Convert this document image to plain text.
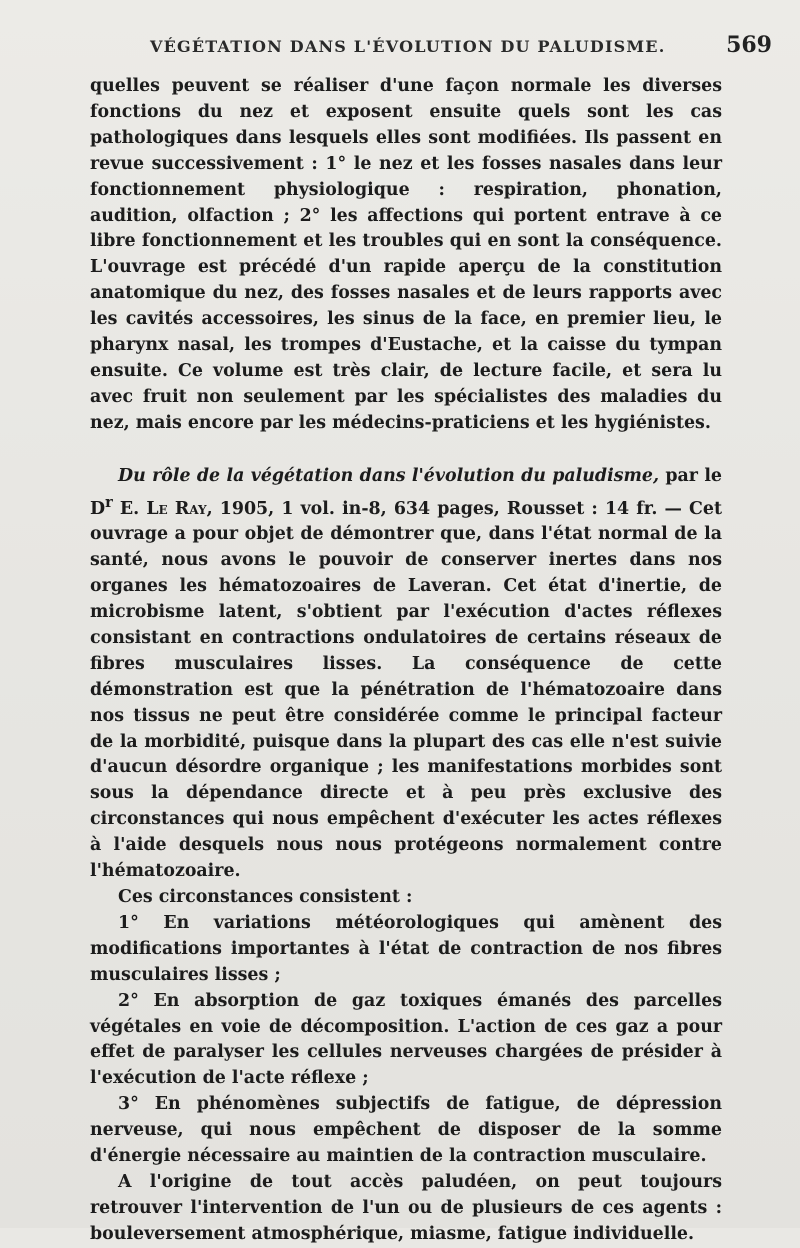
VÉGÉTATION DANS L'ÉVOLUTION DU PALUDISME.	569

quelles peuvent se réaliser d'une façon normale les diverses fonctions du nez et exposent ensuite quels sont les cas pathologiques dans lesquels elles sont modifiées. Ils passent en revue successivement : 1° le nez et les fosses nasales dans leur fonctionnement physiologique : respiration, phonation, audition, olfaction ; 2° les affections qui portent entrave à ce libre fonctionnement et les troubles qui en sont la conséquence. L'ouvrage est précédé d'un rapide aperçu de la constitution anatomique du nez, des fosses nasales et de leurs rapports avec les cavités accessoires, les sinus de la face, en premier lieu, le pharynx nasal, les trompes d'Eustache, et la caisse du tympan ensuite. Ce volume est très clair, de lecture facile, et sera lu avec fruit non seulement par les spécialistes des maladies du nez, mais encore par les médecins-praticiens et les hygiénistes.

Du rôle de la végétation dans l'évolution du paludisme, par le $D^r$ E. Le Ray, 1905, 1 vol. in-8, 634 pages, Rousset : 14 fr. — Cet ouvrage a pour objet de démontrer que, dans l'état normal de la santé, nous avons le pouvoir de conserver inertes dans nos organes les hématozoaires de Laveran. Cet état d'inertie, de microbisme latent, s'obtient par l'exécution d'actes réflexes consistant en contractions ondulatoires de certains réseaux de fibres musculaires lisses. La conséquence de cette démonstration est que la pénétration de l'hématozoaire dans nos tissus ne peut être considérée comme le principal facteur de la morbidité, puisque dans la plupart des cas elle n'est suivie d'aucun désordre organique ; les manifestations morbides sont sous la dépendance directe et à peu près exclusive des circonstances qui nous empêchent d'exécuter les actes réflexes à l'aide desquels nous nous protégeons normalement contre l'hématozoaire.

Ces circonstances consistent :

1° En variations météorologiques qui amènent des modifications importantes à l'état de contraction de nos fibres musculaires lisses ;

2° En absorption de gaz toxiques émanés des parcelles végétales en voie de décomposition. L'action de ces gaz a pour effet de paralyser les cellules nerveuses chargées de présider à l'exécution de l'acte réflexe ;

3° En phénomènes subjectifs de fatigue, de dépression nerveuse, qui nous empêchent de disposer de la somme d'énergie nécessaire au maintien de la contraction musculaire.

A l'origine de tout accès paludéen, on peut toujours retrouver l'intervention de l'un ou de plusieurs de ces agents : bouleversement atmosphérique, miasme, fatigue individuelle.
